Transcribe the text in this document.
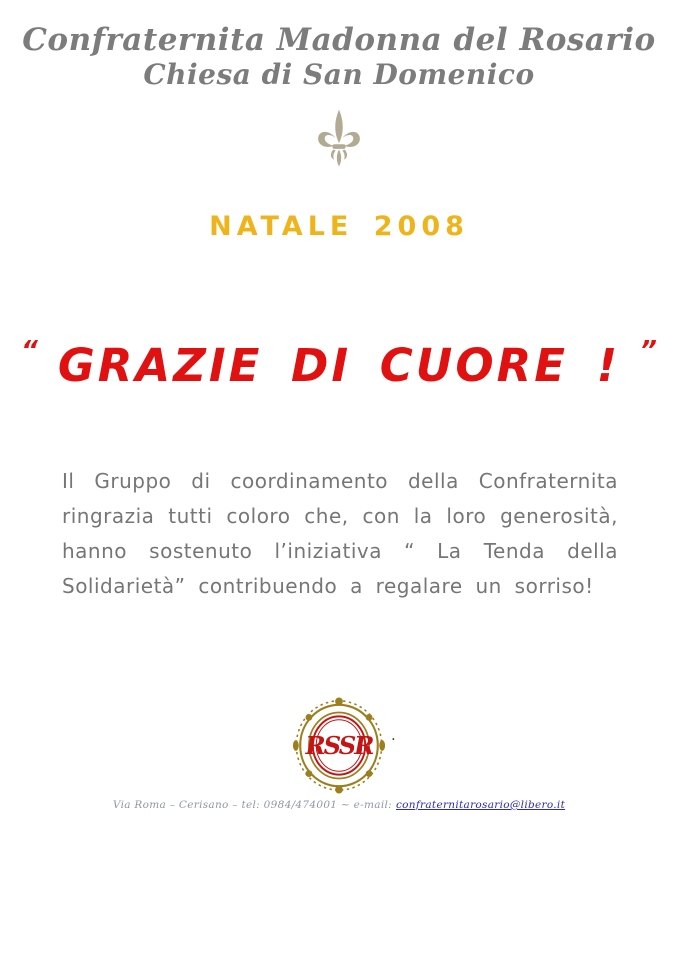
Confraternita Madonna del Rosario
Chiesa di San Domenico
NATALE 2008
“ GRAZIE DI CUORE ! ”
Il Gruppo di coordinamento della Confraternita ringrazia tutti coloro che, con la loro generosità, hanno sostenuto l’iniziativa “ La Tenda della Solidarietà” contribuendo a regalare un sorriso!
RSSR .
Via Roma – Cerisano – tel: 0984/474001 ~ e-mail: confraternitarosario@libero.it
